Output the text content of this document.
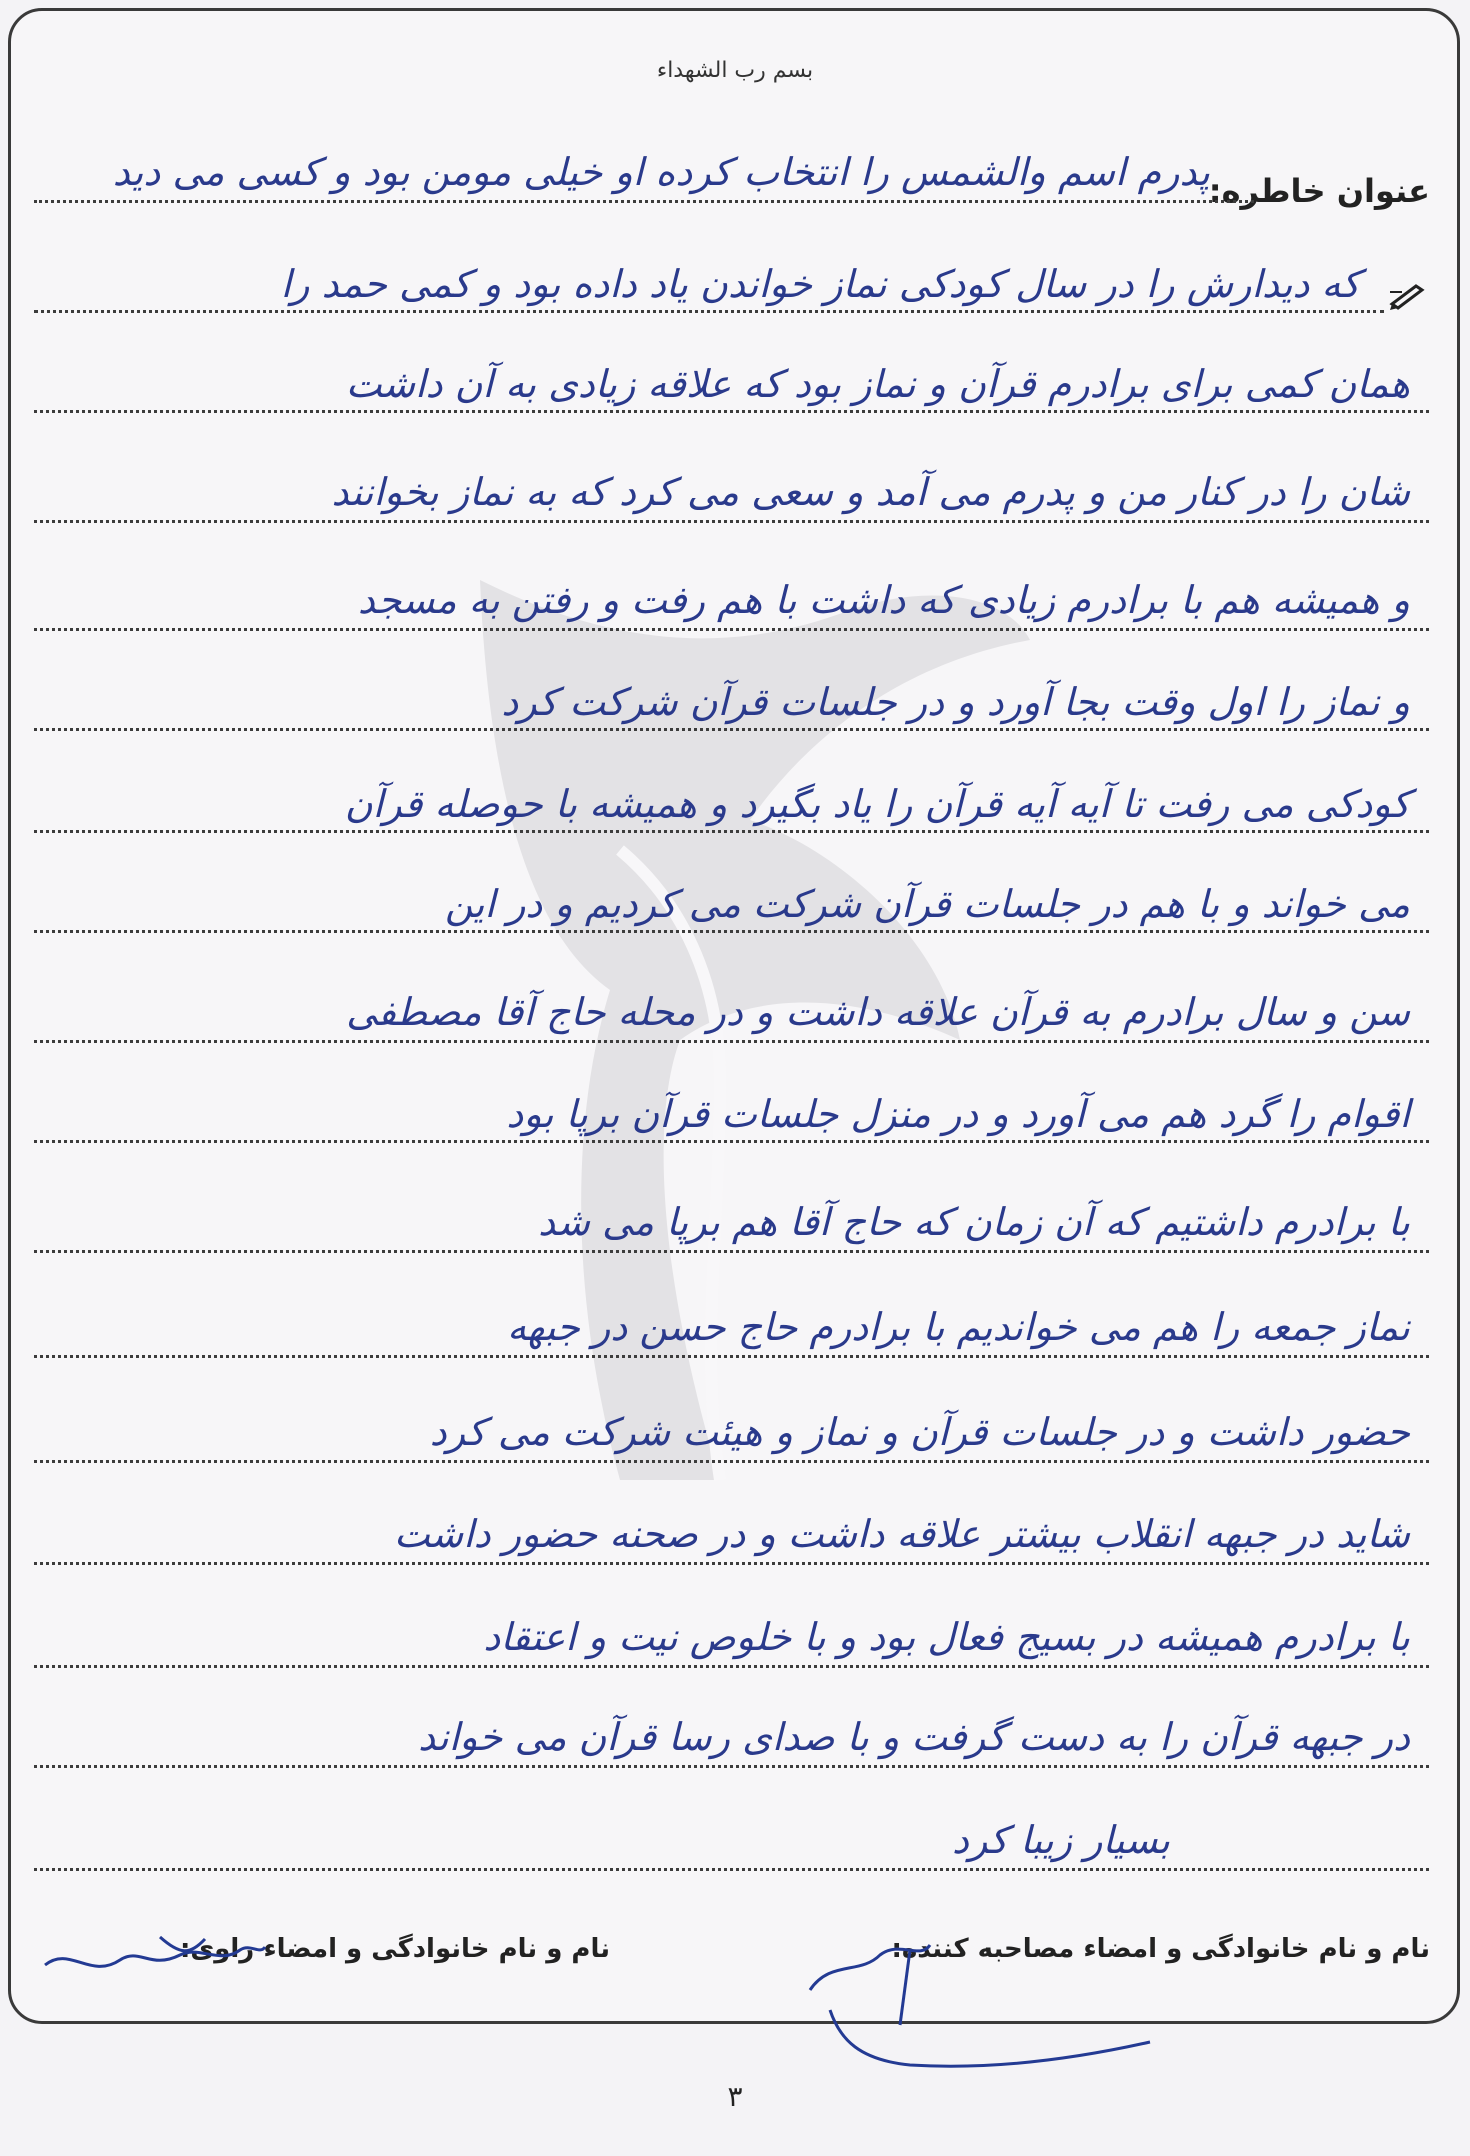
بسم رب الشهداء
عنوان خاطره:
پدرم اسم والشمس را انتخاب کرده او خیلی مومن بود و کسی می دید
که دیدارش را در سال کودکی نماز خواندن یاد داده بود و کمی حمد را
همان کمی برای برادرم قرآن و نماز بود که علاقه زیادی به آن داشت
شان را در کنار من و پدرم می آمد و سعی می کرد که به نماز بخوانند
و همیشه هم با برادرم زیادی که داشت با هم رفت و رفتن به مسجد
و نماز را اول وقت بجا آورد و در جلسات قرآن شرکت کرد
کودکی می رفت تا آیه آیه قرآن را یاد بگیرد و همیشه با حوصله قرآن
می خواند و با هم در جلسات قرآن شرکت می کردیم و در این
سن و سال برادرم به قرآن علاقه داشت و در محله حاج آقا مصطفی
اقوام را گرد هم می آورد و در منزل جلسات قرآن برپا بود
با برادرم داشتیم که آن زمان که حاج آقا هم برپا می شد
نماز جمعه را هم می خواندیم با برادرم حاج حسن در جبهه
حضور داشت و در جلسات قرآن و نماز و هیئت شرکت می کرد
شاید در جبهه انقلاب بیشتر علاقه داشت و در صحنه حضور داشت
با برادرم همیشه در بسیج فعال بود و با خلوص نیت و اعتقاد
در جبهه قرآن را به دست گرفت و با صدای رسا قرآن می خواند
بسیار زیبا کرد
نام و نام خانوادگی و امضاء مصاحبه کننده:
نام و نام خانوادگی و امضاء راوی:
٣
